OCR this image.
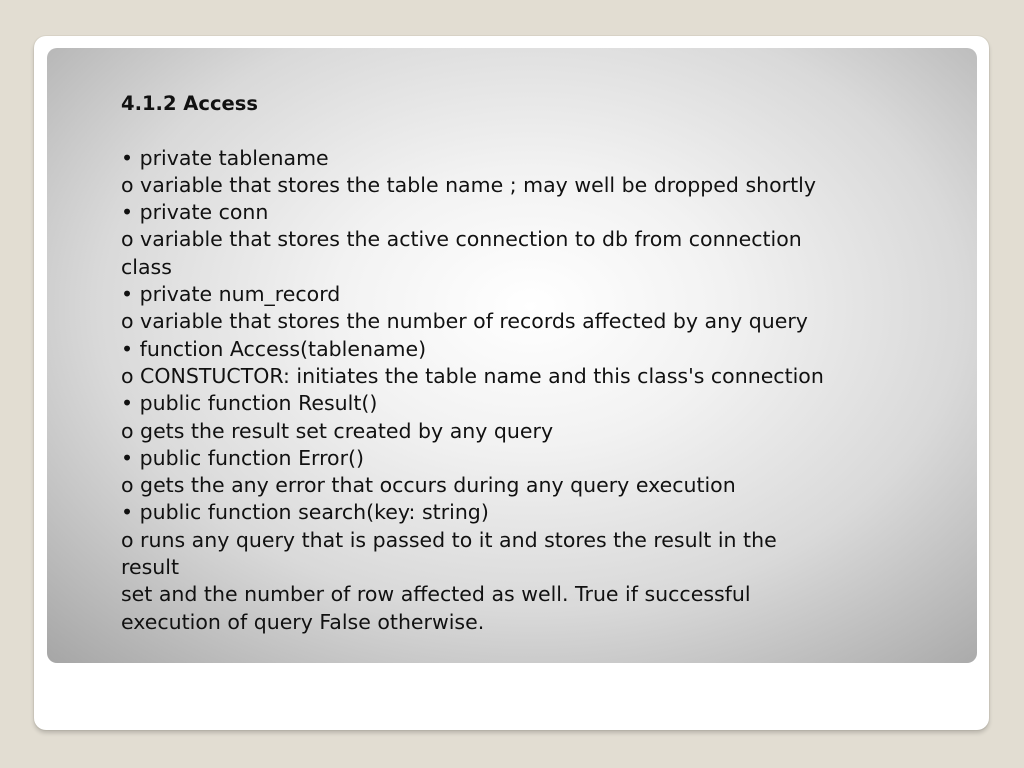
4.1.2 Access

• private tablename

o variable that stores the table name ; may well be dropped shortly

• private conn

o variable that stores the active connection to db from connection

class

• private num_record

o variable that stores the number of records affected by any query

• function Access(tablename)

o CONSTUCTOR: initiates the table name and this class's connection

• public function Result()

o gets the result set created by any query

• public function Error()

o gets the any error that occurs during any query execution

• public function search(key: string)

o runs any query that is passed to it and stores the result in the

result

set and the number of row affected as well. True if successful

execution of query False otherwise.
